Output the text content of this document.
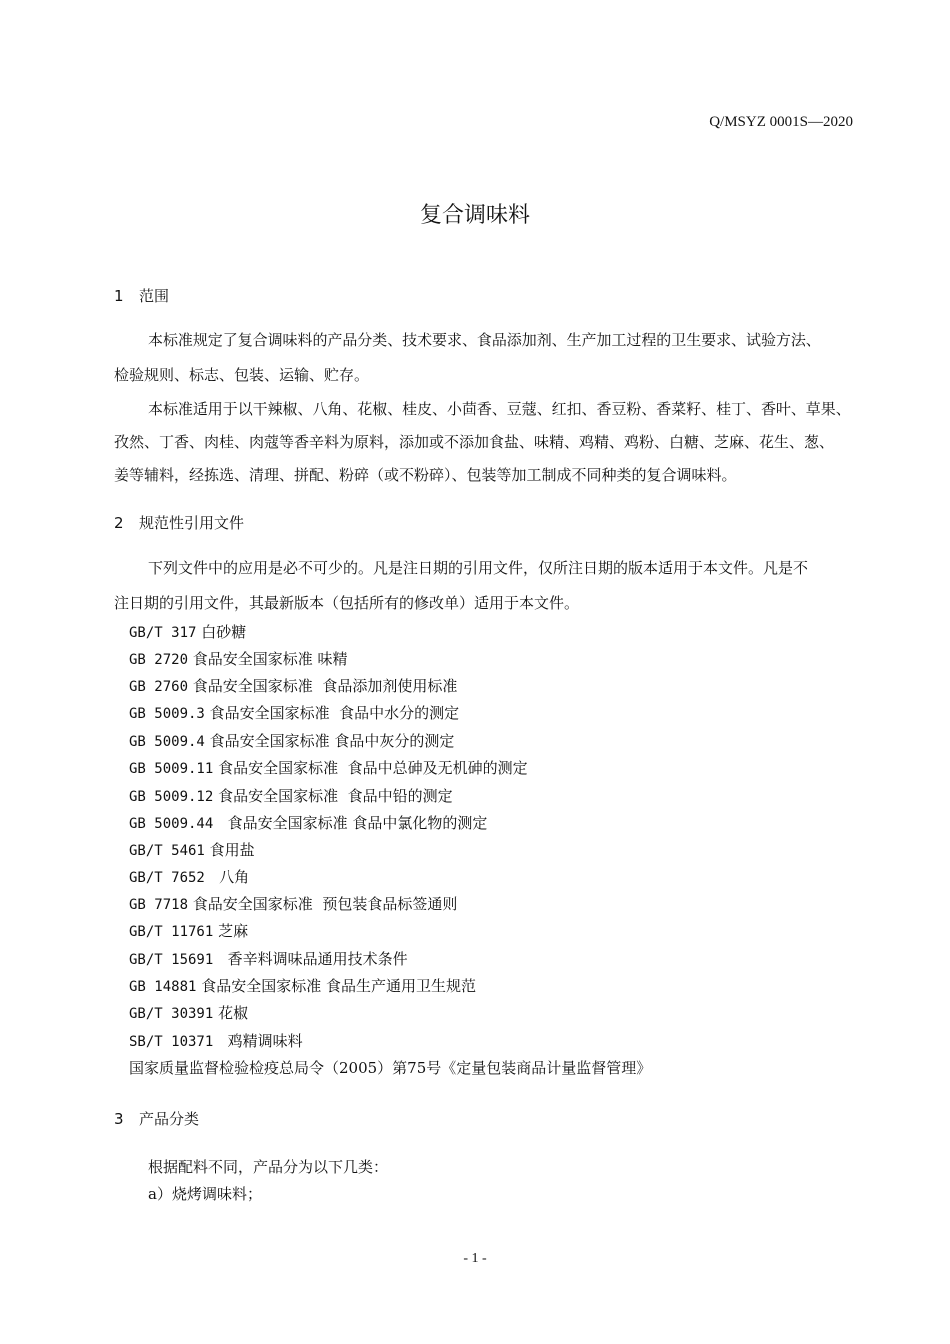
Q/MSYZ 0001S—2020
复合调味料
1 范围
本标准规定了复合调味料的产品分类、技术要求、食品添加剂、生产加工过程的卫生要求、试验方法、
检验规则、标志、包装、运输、贮存。
本标准适用于以干辣椒、八角、花椒、桂皮、小茴香、豆蔻、红扣、香豆粉、香菜籽、桂丁、香叶、草果、
孜然、丁香、肉桂、肉蔻等香辛料为原料，添加或不添加食盐、味精、鸡精、鸡粉、白糖、芝麻、花生、葱、
姜等辅料，经拣选、清理、拼配、粉碎（或不粉碎）、包装等加工制成不同种类的复合调味料。
2 规范性引用文件
下列文件中的应用是必不可少的。凡是注日期的引用文件，仅所注日期的版本适用于本文件。凡是不
注日期的引用文件，其最新版本（包括所有的修改单）适用于本文件。
GB/T 317 白砂糖
GB 2720 食品安全国家标准 味精
GB 2760 食品安全国家标准  食品添加剂使用标准
GB 5009.3 食品安全国家标准  食品中水分的测定
GB 5009.4 食品安全国家标准 食品中灰分的测定
GB 5009.11 食品安全国家标准  食品中总砷及无机砷的测定
GB 5009.12 食品安全国家标准  食品中铅的测定
GB 5009.44   食品安全国家标准 食品中氯化物的测定
GB/T 5461 食用盐
GB/T 7652   八角
GB 7718 食品安全国家标准  预包装食品标签通则
GB/T 11761 芝麻
GB/T 15691   香辛料调味品通用技术条件
GB 14881 食品安全国家标准 食品生产通用卫生规范
GB/T 30391 花椒
SB/T 10371   鸡精调味料
国家质量监督检验检疫总局令（2005）第75号《定量包装商品计量监督管理》
3 产品分类
根据配料不同，产品分为以下几类：
a）烧烤调味料；
- 1 -
